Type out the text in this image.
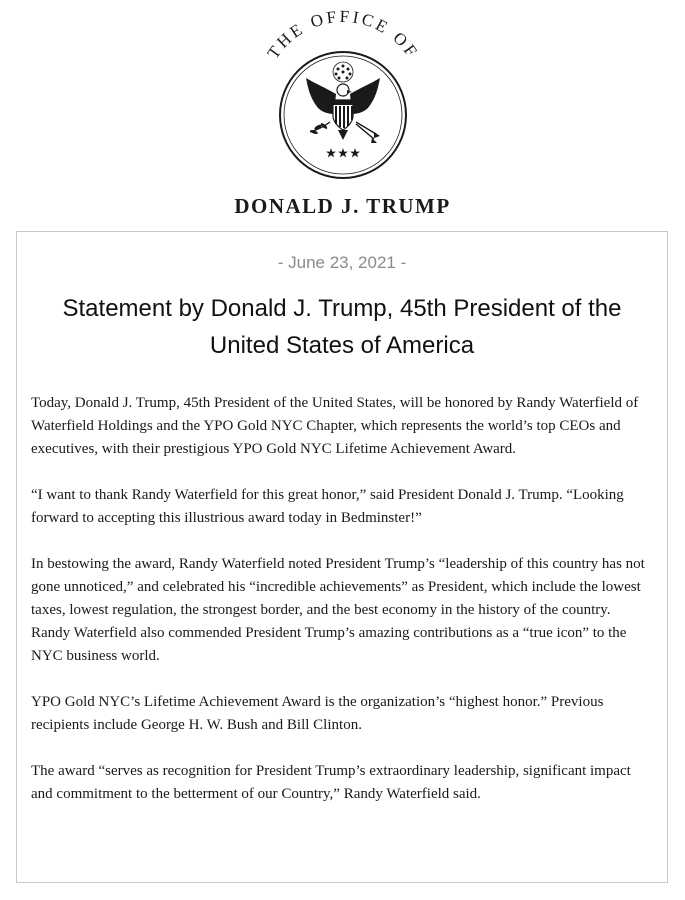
THE OFFICE OF
DONALD J. TRUMP
- June 23, 2021 -
Statement by Donald J. Trump, 45th President of the United States of America

Today, Donald J. Trump, 45th President of the United States, will be honored by Randy Waterfield of Waterfield Holdings and the YPO Gold NYC Chapter, which represents the world’s top CEOs and executives, with their prestigious YPO Gold NYC Lifetime Achievement Award.

“I want to thank Randy Waterfield for this great honor,” said President Donald J. Trump. “Looking forward to accepting this illustrious award today in Bedminster!”

In bestowing the award, Randy Waterfield noted President Trump’s “leadership of this country has not gone unnoticed,” and celebrated his “incredible achievements” as President, which include the lowest taxes, lowest regulation, the strongest border, and the best economy in the history of the country. Randy Waterfield also commended President Trump’s amazing contributions as a “true icon” to the NYC business world.

YPO Gold NYC’s Lifetime Achievement Award is the organization’s “highest honor.” Previous recipients include George H. W. Bush and Bill Clinton.

The award “serves as recognition for President Trump’s extraordinary leadership, significant impact and commitment to the betterment of our Country,” Randy Waterfield said.
